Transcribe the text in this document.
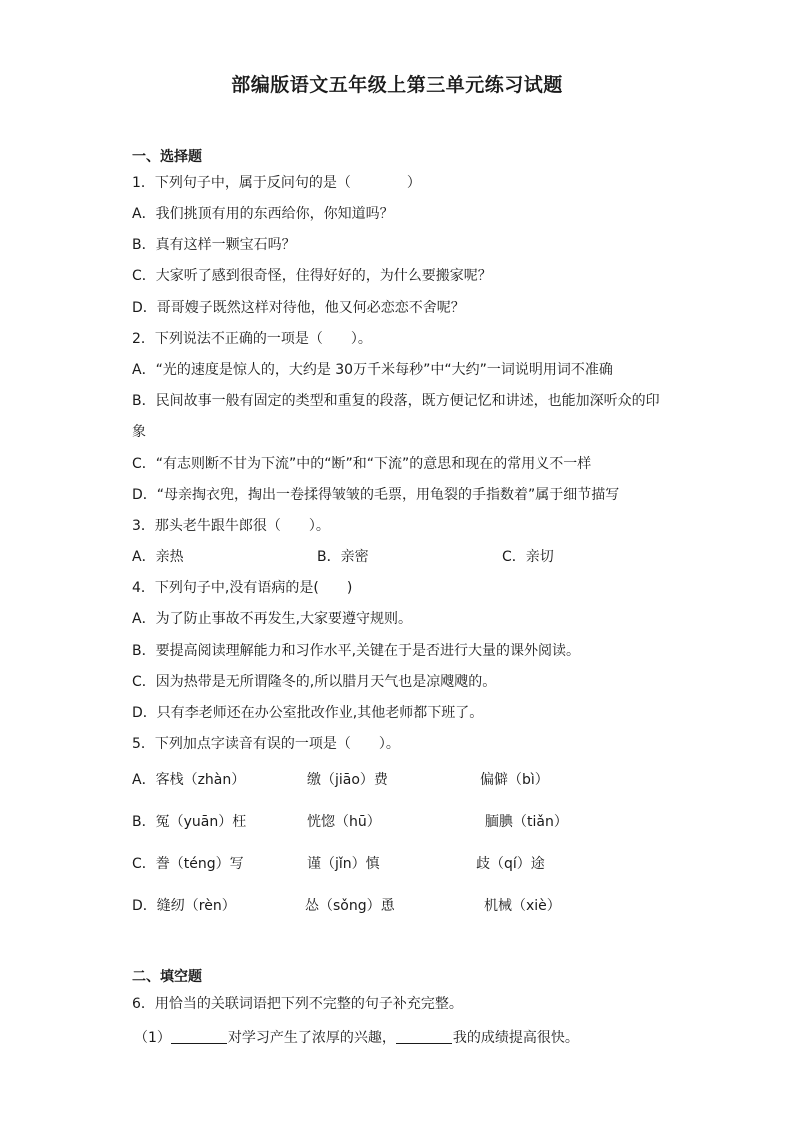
部编版语文五年级上第三单元练习试题
一、选择题
1．下列句子中，属于反问句的是（　　　　）
A．我们挑顶有用的东西给你，你知道吗？
B．真有这样一颗宝石吗？
C．大家听了感到很奇怪，住得好好的，为什么要搬家呢？
D．哥哥嫂子既然这样对待他，他又何必恋恋不舍呢？
2．下列说法不正确的一项是（　　）。
A．“光的速度是惊人的，大约是 30万千米每秒”中“大约”一词说明用词不准确
B．民间故事一般有固定的类型和重复的段落，既方便记忆和讲述，也能加深听众的印
象
C．“有志则断不甘为下流”中的“断”和“下流”的意思和现在的常用义不一样
D．“母亲掏衣兜，掏出一卷揉得皱皱的毛票，用龟裂的手指数着”属于细节描写
3．那头老牛跟牛郎很（　　）。
A．亲热	B．亲密	C．亲切
4．下列句子中,没有语病的是(　　)
A．为了防止事故不再发生,大家要遵守规则。
B．要提高阅读理解能力和习作水平,关键在于是否进行大量的课外阅读。
C．因为热带是无所谓隆冬的,所以腊月天气也是凉飕飕的。
D．只有李老师还在办公室批改作业,其他老师都下班了。
5．下列加点字读音有误的一项是（　　）。
A．客栈（zhàn）	缴（jiāo）费	偏僻（bì）
B．冤（yuān）枉	恍惚（hū）	腼腆（tiǎn）
C．誊（téng）写	谨（jǐn）慎	歧（qí）途
D．缝纫（rèn）	怂（sǒng）恿	机械（xiè）
二、填空题
6．用恰当的关联词语把下列不完整的句子补充完整。
（1）	对学习产生了浓厚的兴趣，	我的成绩提高很快。
